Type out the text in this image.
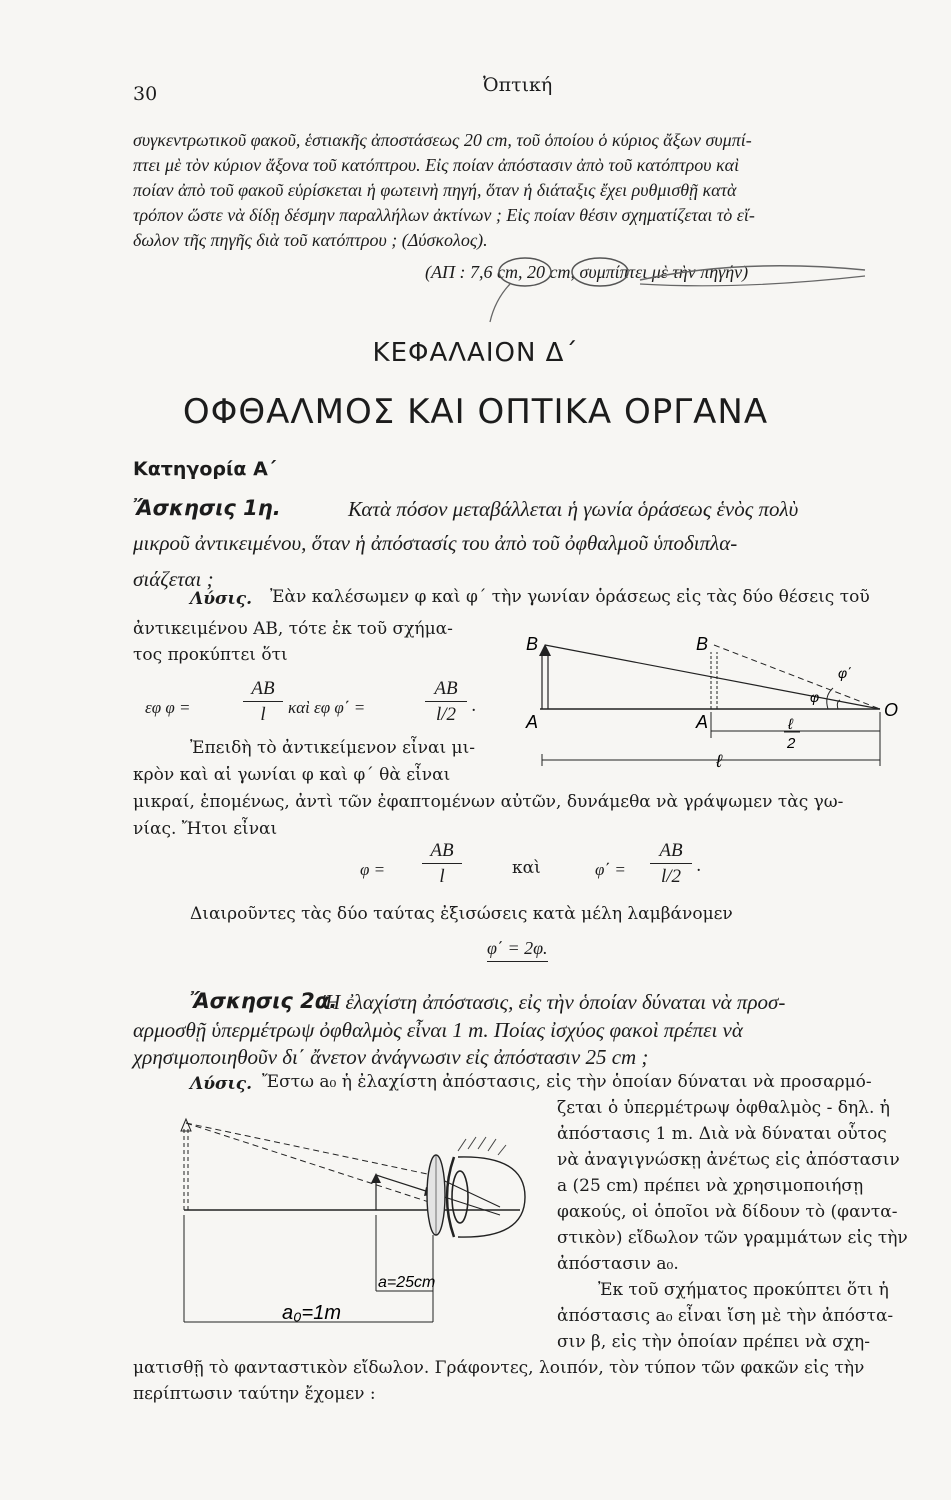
30	Ὀπτική
συγκεντρωτικοῦ φακοῦ, ἑστιακῆς ἀποστάσεως 20 cm, τοῦ ὁποίου ὁ κύριος ἄξων συμπί-
πτει μὲ τὸν κύριον ἄξονα τοῦ κατόπτρου. Εἰς ποίαν ἀπόστασιν ἀπὸ τοῦ κατόπτρου καὶ
ποίαν ἀπὸ τοῦ φακοῦ εὑρίσκεται ἡ φωτεινὴ πηγή, ὅταν ἡ διάταξις ἔχει ρυθμισθῇ κατὰ
τρόπον ὥστε νὰ δίδῃ δέσμην παραλλήλων ἀκτίνων ; Εἰς ποίαν θέσιν σχηματίζεται τὸ εἴ-
δωλον τῆς πηγῆς διὰ τοῦ κατόπτρου ; (Δύσκολος).
(ΑΠ : 7,6 cm, 20 cm, συμπίπτει μὲ τὴν πηγήν)
ΚΕΦΑΛΑΙΟΝ Δ΄
ΟΦΘΑΛΜΟΣ ΚΑΙ ΟΠΤΙΚΑ ΟΡΓΑΝΑ
Κατηγορία Α΄
Ἄσκησις 1η.	Κατὰ πόσον μεταβάλλεται ἡ γωνία ὁράσεως ἑνὸς πολὺ
μικροῦ ἀντικειμένου, ὅταν ἡ ἀπόστασίς του ἀπὸ τοῦ ὀφθαλμοῦ ὑποδιπλα-
σιάζεται ;
Λύσις. Ἐὰν καλέσωμεν φ καὶ φ΄ τὴν γωνίαν ὁράσεως εἰς τὰς δύο θέσεις τοῦ
ἀντικειμένου AB, τότε ἐκ τοῦ σχήμα-
τος προκύπτει ὅτι
εφ φ =	$\frac{AB}{l}$ καὶ εφ φ΄ =	$\frac{AB}{l/2}$ .
B	B
A	A
O
φ
φ΄
ℓ
ℓ
2
Ἐπειδὴ τὸ ἀντικείμενον εἶναι μι-
κρὸν καὶ αἱ γωνίαι φ καὶ φ΄ θὰ εἶναι
μικραί, ἑπομένως, ἀντὶ τῶν ἐφαπτομένων αὐτῶν, δυνάμεθα νὰ γράψωμεν τὰς γω-
νίας. Ἤτοι εἶναι
$\varphi = \frac{AB}{l}$	καὶ	$\varphi΄ = \frac{AB}{l/2}$ .
Διαιροῦντες τὰς δύο ταύτας ἐξισώσεις κατὰ μέλη λαμβάνομεν
φ΄ = 2φ.
Ἄσκησις 2α.
Ἡ ἐλαχίστη ἀπόστασις, εἰς τὴν ὁποίαν δύναται νὰ προσ-
αρμοσθῇ ὑπερμέτρωψ ὀφθαλμὸς εἶναι 1 m. Ποίας ἰσχύος φακοὶ πρέπει νὰ
χρησιμοποιηθοῦν δι΄ ἄνετον ἀνάγνωσιν εἰς ἀπόστασιν 25 cm ;
Λύσις. Ἔστω a₀ ἡ ἐλαχίστη ἀπόστασις, εἰς τὴν ὁποίαν δύναται νὰ προσαρμό-
ζεται ὁ ὑπερμέτρωψ ὀφθαλμὸς - δηλ. ἡ
ἀπόστασις 1 m. Διὰ νὰ δύναται οὗτος
νὰ ἀναγιγνώσκῃ ἀνέτως εἰς ἀπόστασιν
a (25 cm) πρέπει νὰ χρησιμοποιήσῃ
φακούς, οἱ ὁποῖοι νὰ δίδουν τὸ (φαντα-
στικὸν) εἴδωλον τῶν γραμμάτων εἰς τὴν
ἀπόστασιν a₀.
Ἐκ τοῦ σχήματος προκύπτει ὅτι ἡ
ἀπόστασις a₀ εἶναι ἴση μὲ τὴν ἀπόστα-
σιν β, εἰς τὴν ὁποίαν πρέπει νὰ σχη-
a=25cm
a₀=1m
ματισθῇ τὸ φανταστικὸν εἴδωλον. Γράφοντες, λοιπόν, τὸν τύπον τῶν φακῶν εἰς τὴν
περίπτωσιν ταύτην ἔχομεν :
